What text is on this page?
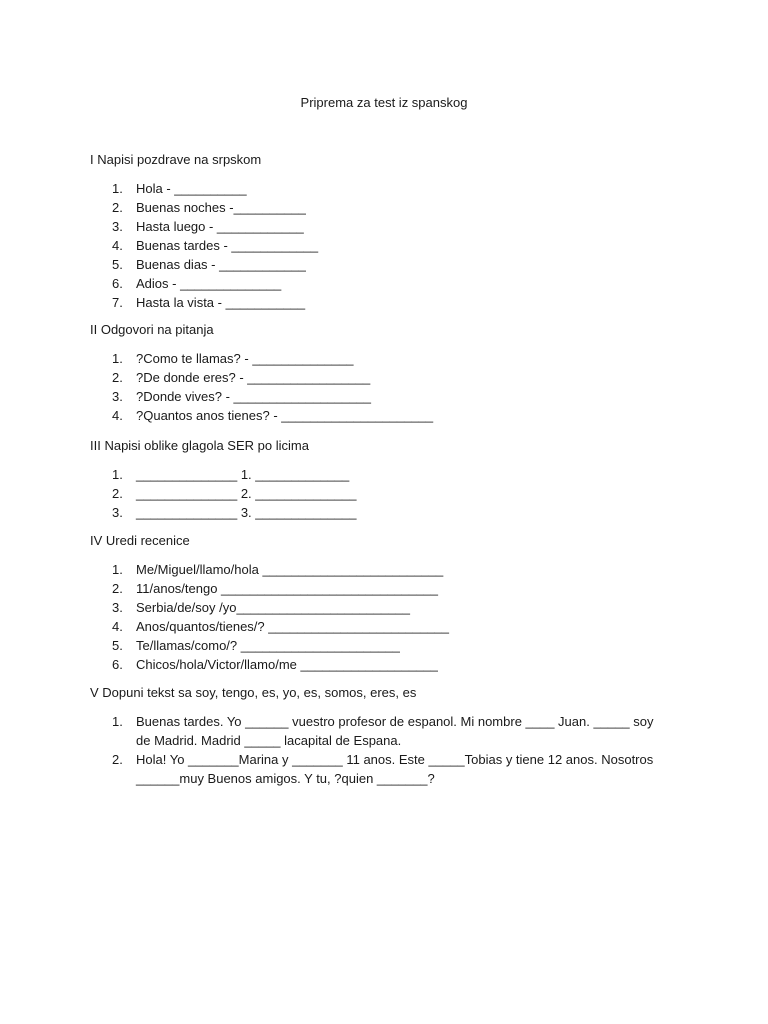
Priprema za test iz spanskog
I Napisi pozdrave na srpskom
1. Hola - __________
2. Buenas noches -__________
3. Hasta luego - ____________
4. Buenas tardes - ____________
5. Buenas dias - ____________
6. Adios - ______________
7. Hasta la vista - ___________
II Odgovori na pitanja
1. ?Como te llamas? - ______________
2. ?De donde eres? - _________________
3. ?Donde vives? - ___________________
4. ?Quantos anos tienes? - _____________________
III Napisi oblike glagola SER po licima
1. ______________ 1. _____________
2. ______________ 2. ______________
3. ______________ 3. ______________
IV Uredi recenice
1. Me/Miguel/llamo/hola _________________________
2. 11/anos/tengo ______________________________
3. Serbia/de/soy /yo________________________
4. Anos/quantos/tienes/? _________________________
5. Te/llamas/como/? ______________________
6. Chicos/hola/Victor/llamo/me ___________________
V Dopuni tekst sa soy, tengo, es, yo, es, somos, eres, es
1. Buenas tardes. Yo ______ vuestro profesor de espanol. Mi nombre ____ Juan. _____ soy de Madrid. Madrid _____ lacapital de Espana.
2. Hola! Yo _______Marina y _______ 11 anos. Este _____Tobias y tiene 12 anos. Nosotros ______muy Buenos amigos. Y tu, ?quien _______?
